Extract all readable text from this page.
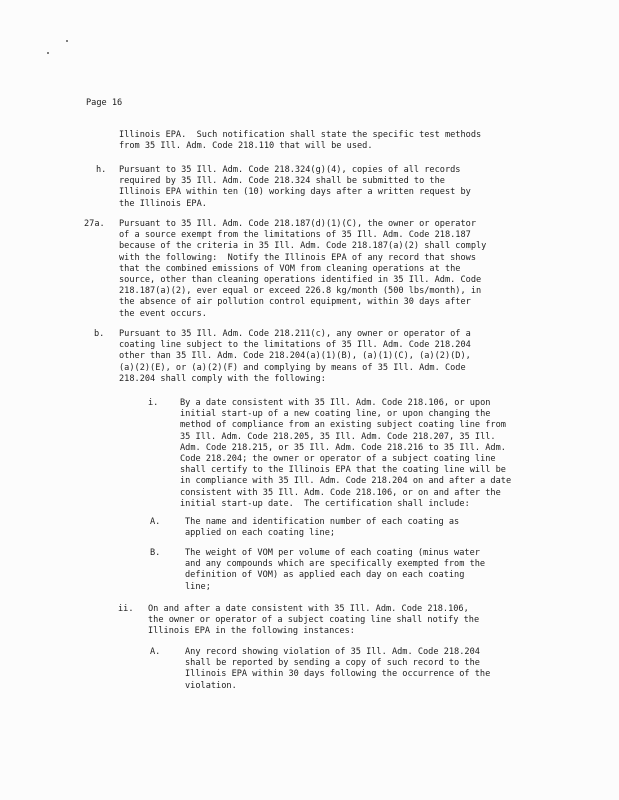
Page 16
Illinois EPA.  Such notification shall state the specific test methods
from 35 Ill. Adm. Code 218.110 that will be used.
h. Pursuant to 35 Ill. Adm. Code 218.324(g)(4), copies of all records
required by 35 Ill. Adm. Code 218.324 shall be submitted to the
Illinois EPA within ten (10) working days after a written request by
the Illinois EPA.
27a. Pursuant to 35 Ill. Adm. Code 218.187(d)(1)(C), the owner or operator
of a source exempt from the limitations of 35 Ill. Adm. Code 218.187
because of the criteria in 35 Ill. Adm. Code 218.187(a)(2) shall comply
with the following:  Notify the Illinois EPA of any record that shows
that the combined emissions of VOM from cleaning operations at the
source, other than cleaning operations identified in 35 Ill. Adm. Code
218.187(a)(2), ever equal or exceed 226.8 kg/month (500 lbs/month), in
the absence of air pollution control equipment, within 30 days after
the event occurs.
b. Pursuant to 35 Ill. Adm. Code 218.211(c), any owner or operator of a
coating line subject to the limitations of 35 Ill. Adm. Code 218.204
other than 35 Ill. Adm. Code 218.204(a)(1)(B), (a)(1)(C), (a)(2)(D),
(a)(2)(E), or (a)(2)(F) and complying by means of 35 Ill. Adm. Code
218.204 shall comply with the following:
i.	By a date consistent with 35 Ill. Adm. Code 218.106, or upon
initial start-up of a new coating line, or upon changing the
method of compliance from an existing subject coating line from
35 Ill. Adm. Code 218.205, 35 Ill. Adm. Code 218.207, 35 Ill.
Adm. Code 218.215, or 35 Ill. Adm. Code 218.216 to 35 Ill. Adm.
Code 218.204; the owner or operator of a subject coating line
shall certify to the Illinois EPA that the coating line will be
in compliance with 35 Ill. Adm. Code 218.204 on and after a date
consistent with 35 Ill. Adm. Code 218.106, or on and after the
initial start-up date.  The certification shall include:
A.	The name and identification number of each coating as
applied on each coating line;
B.	The weight of VOM per volume of each coating (minus water
and any compounds which are specifically exempted from the
definition of VOM) as applied each day on each coating
line;
ii. On and after a date consistent with 35 Ill. Adm. Code 218.106,
the owner or operator of a subject coating line shall notify the
Illinois EPA in the following instances:
A.	Any record showing violation of 35 Ill. Adm. Code 218.204
shall be reported by sending a copy of such record to the
Illinois EPA within 30 days following the occurrence of the
violation.
